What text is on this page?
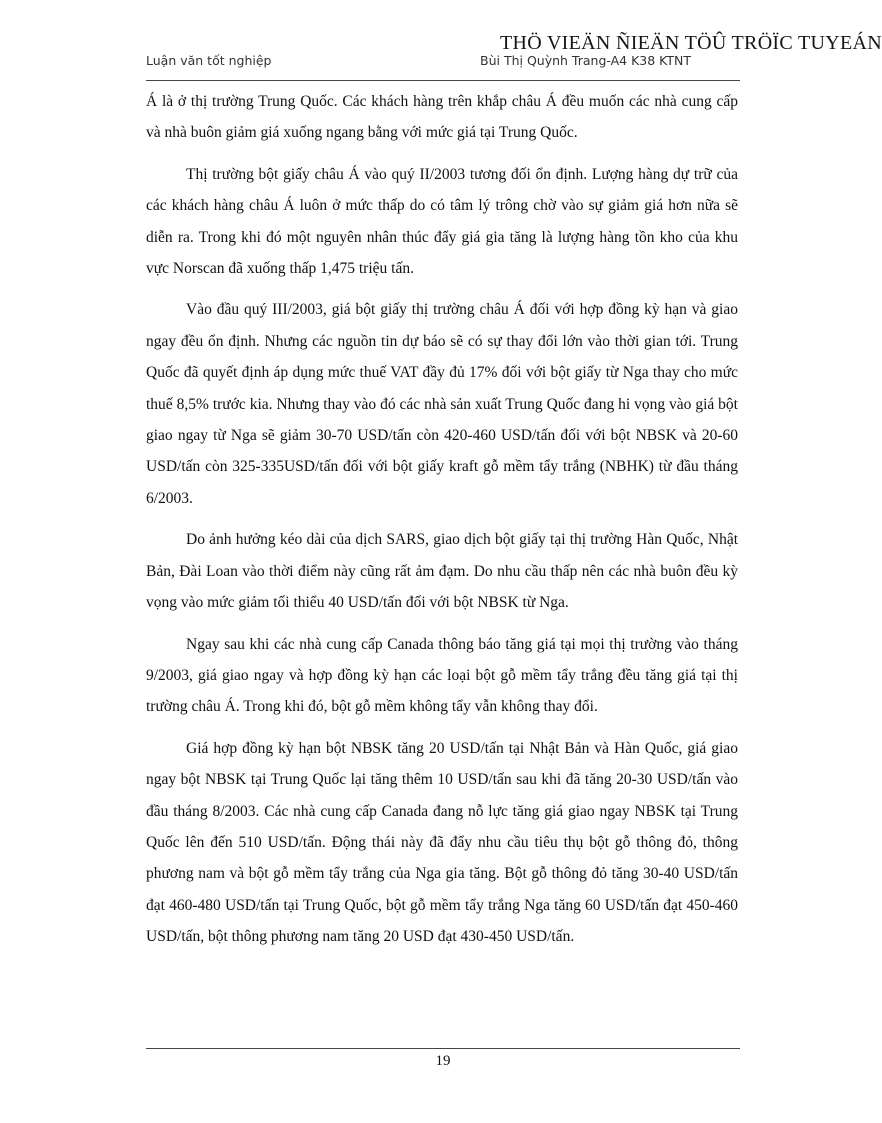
THÖ VIEÄN ÑIEÄN TÖÛ TRÖÏC TUYEÁN
Luận văn tốt nghiệp	Bùi Thị Quỳnh Trang-A4 K38 KTNT

Á là ở thị trường Trung Quốc. Các khách hàng trên khắp châu Á đều muốn các nhà cung cấp và nhà buôn giảm giá xuống ngang bằng với mức giá tại Trung Quốc.

Thị trường bột giấy châu Á vào quý II/2003 tương đối ổn định. Lượng hàng dự trữ của các khách hàng châu Á luôn ở mức thấp do có tâm lý trông chờ vào sự giảm giá hơn nữa sẽ diễn ra. Trong khi đó một nguyên nhân thúc đẩy giá gia tăng là lượng hàng tồn kho của khu vực Norscan đã xuống thấp 1,475 triệu tấn.

Vào đầu quý III/2003, giá bột giấy thị trường châu Á đối với hợp đồng kỳ hạn và giao ngay đều ổn định. Nhưng các nguồn tin dự báo sẽ có sự thay đổi lớn vào thời gian tới. Trung Quốc đã quyết định áp dụng mức thuế VAT đầy đủ 17% đối với bột giấy từ Nga thay cho mức thuế 8,5% trước kia. Nhưng thay vào đó các nhà sản xuất Trung Quốc đang hi vọng vào giá bột giao ngay từ Nga sẽ giảm 30-70 USD/tấn còn 420-460 USD/tấn đối với bột NBSK và 20-60 USD/tấn còn 325-335USD/tấn đối với bột giấy kraft gỗ mềm tẩy trắng (NBHK) từ đầu tháng 6/2003.

Do ảnh hưởng kéo dài của dịch SARS, giao dịch bột giấy tại thị trường Hàn Quốc, Nhật Bản, Đài Loan vào thời điểm này cũng rất ảm đạm. Do nhu cầu thấp nên các nhà buôn đều kỳ vọng vào mức giảm tối thiểu 40 USD/tấn đối với bột NBSK từ Nga.

Ngay sau khi các nhà cung cấp Canada thông báo tăng giá tại mọi thị trường vào tháng 9/2003, giá giao ngay và hợp đồng kỳ hạn các loại bột gỗ mềm tẩy trắng đều tăng giá tại thị trường châu Á. Trong khi đó, bột gỗ mềm không tẩy vẫn không thay đổi.

Giá hợp đồng kỳ hạn bột NBSK tăng 20 USD/tấn tại Nhật Bản và Hàn Quốc, giá giao ngay bột NBSK tại Trung Quốc lại tăng thêm 10 USD/tấn sau khi đã tăng 20-30 USD/tấn vào đầu tháng 8/2003. Các nhà cung cấp Canada đang nỗ lực tăng giá giao ngay NBSK tại Trung Quốc lên đến 510 USD/tấn. Động thái này đã đẩy nhu cầu tiêu thụ bột gỗ thông đỏ, thông phương nam và bột gỗ mềm tẩy trắng của Nga gia tăng. Bột gỗ thông đỏ tăng 30-40 USD/tấn đạt 460-480 USD/tấn tại Trung Quốc, bột gỗ mềm tẩy trắng Nga tăng 60 USD/tấn đạt 450-460 USD/tấn, bột thông phương nam tăng 20 USD đạt 430-450 USD/tấn.

19
